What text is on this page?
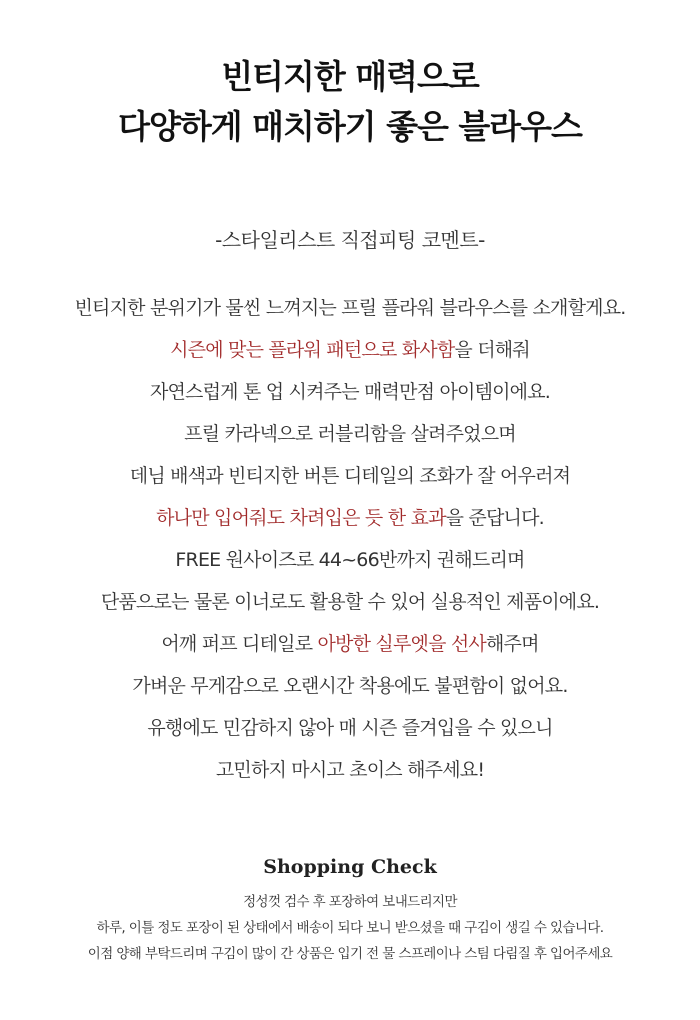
빈티지한 매력으로
다양하게 매치하기 좋은 블라우스
-스타일리스트 직접피팅 코멘트-
빈티지한 분위기가 물씬 느껴지는 프릴 플라워 블라우스를 소개할게요.
시즌에 맞는 플라워 패턴으로 화사함을 더해줘
자연스럽게 톤 업 시켜주는 매력만점 아이템이에요.
프릴 카라넥으로 러블리함을 살려주었으며
데님 배색과 빈티지한 버튼 디테일의 조화가 잘 어우러져
하나만 입어줘도 차려입은 듯 한 효과을 준답니다.
FREE 원사이즈로 44~66반까지 권해드리며
단품으로는 물론 이너로도 활용할 수 있어 실용적인 제품이에요.
어깨 퍼프 디테일로 아방한 실루엣을 선사해주며
가벼운 무게감으로 오랜시간 착용에도 불편함이 없어요.
유행에도 민감하지 않아 매 시즌 즐겨입을 수 있으니
고민하지 마시고 초이스 해주세요!
Shopping Check
정성껏 검수 후 포장하여 보내드리지만
하루, 이틀 정도 포장이 된 상태에서 배송이 되다 보니 받으셨을 때 구김이 생길 수 있습니다.
이점 양해 부탁드리며 구김이 많이 간 상품은 입기 전 물 스프레이나 스팀 다림질 후 입어주세요
